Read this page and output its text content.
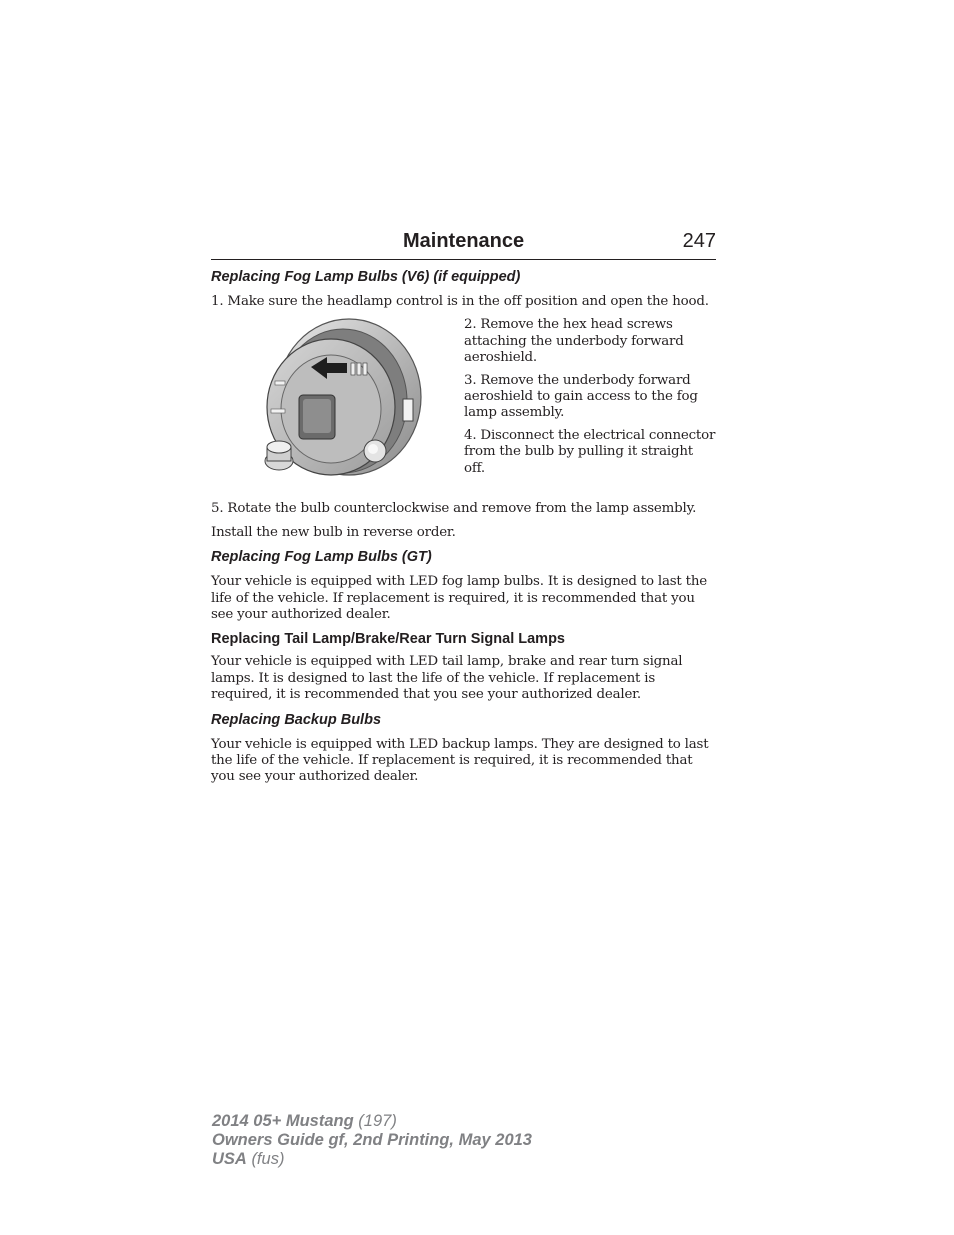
Maintenance	247
Replacing Fog Lamp Bulbs (V6) (if equipped)

1. Make sure the headlamp control is in the off position and open the hood.

2. Remove the hex head screws attaching the underbody forward aeroshield.

3. Remove the underbody forward aeroshield to gain access to the fog lamp assembly.

4. Disconnect the electrical connector from the bulb by pulling it straight off.

5. Rotate the bulb counterclockwise and remove from the lamp assembly.

Install the new bulb in reverse order.

Replacing Fog Lamp Bulbs (GT)

Your vehicle is equipped with LED fog lamp bulbs. It is designed to last the life of the vehicle. If replacement is required, it is recommended that you see your authorized dealer.

Replacing Tail Lamp/Brake/Rear Turn Signal Lamps

Your vehicle is equipped with LED tail lamp, brake and rear turn signal lamps. It is designed to last the life of the vehicle. If replacement is required, it is recommended that you see your authorized dealer.

Replacing Backup Bulbs

Your vehicle is equipped with LED backup lamps. They are designed to last the life of the vehicle. If replacement is required, it is recommended that you see your authorized dealer.

2014 05+ Mustang (197)
Owners Guide gf, 2nd Printing, May 2013
USA (fus)
